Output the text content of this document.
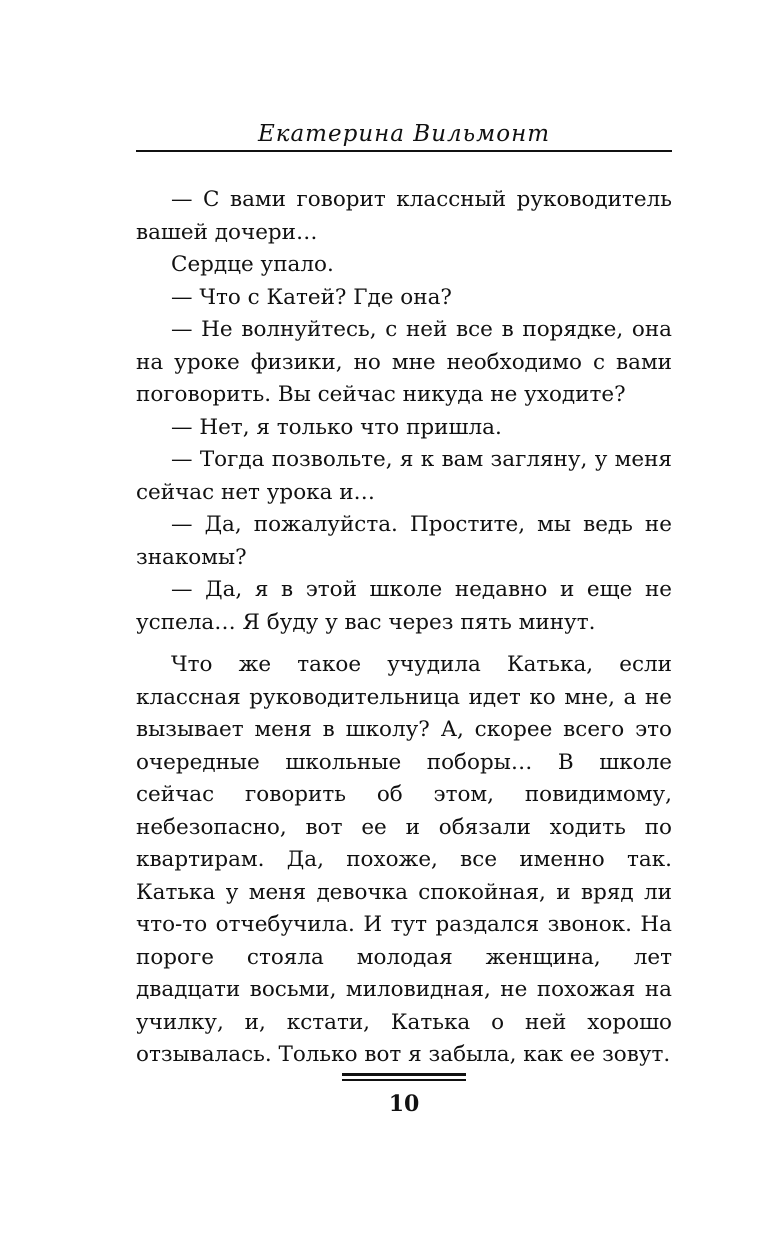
Екатерина Вильмонт

— С вами говорит классный руководитель вашей дочери…

Сердце упало.

— Что с Катей? Где она?

— Не волнуйтесь, с ней все в порядке, она на уроке физики, но мне необходимо с вами поговорить. Вы сейчас никуда не уходите?

— Нет, я только что пришла.

— Тогда позвольте, я к вам загляну, у меня сейчас нет урока и…

— Да, пожалуйста. Простите, мы ведь не знакомы?

— Да, я в этой школе недавно и еще не успела… Я буду у вас через пять минут.

Что же такое учудила Катька, если классная руководительница идет ко мне, а не вызывает меня в школу? А, скорее всего это очередные школьные поборы… В школе сейчас говорить об этом, повидимому, небезопасно, вот ее и обязали ходить по квартирам. Да, похоже, все именно так. Катька у меня девочка спокойная, и вряд ли что-то отчебучила. И тут раздался звонок. На пороге стояла молодая женщина, лет двадцати восьми, миловидная, не похожая на училку, и, кстати, Катька о ней хорошо отзывалась. Только вот я забыла, как ее зовут.

10
